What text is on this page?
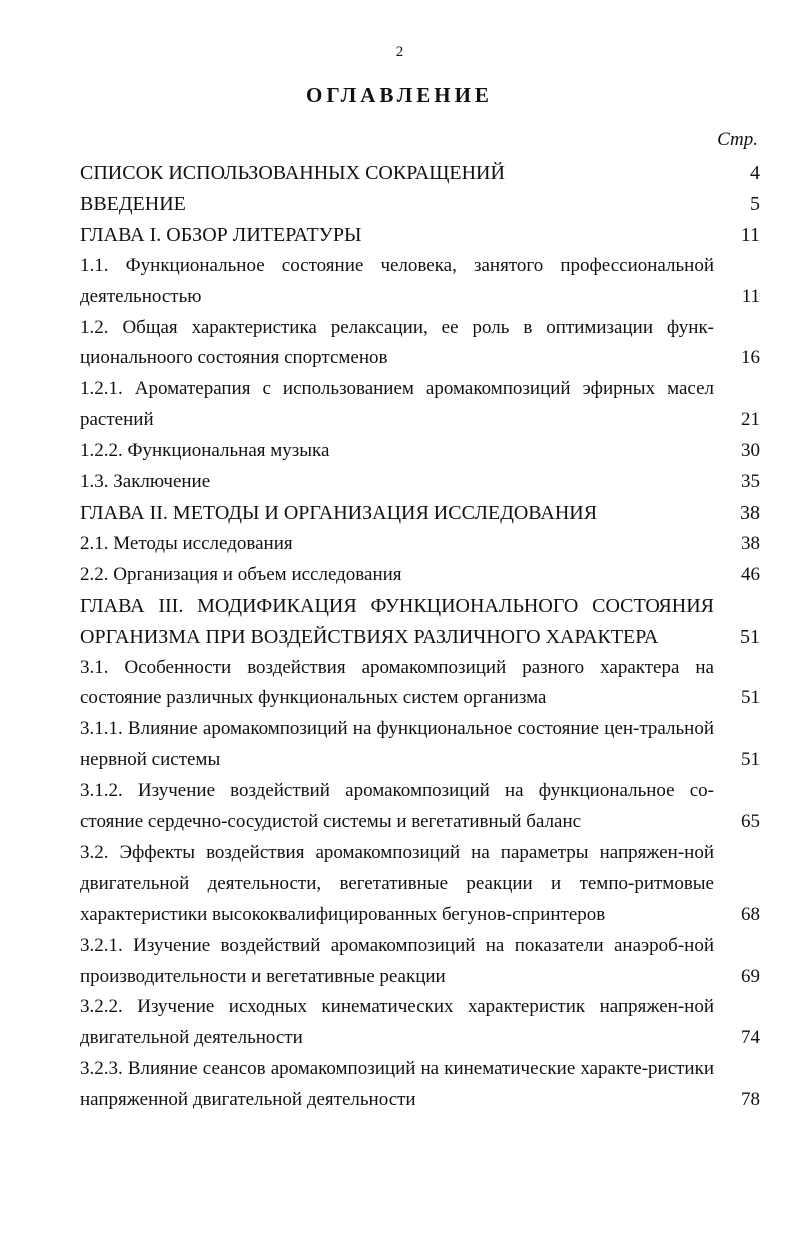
2
ОГЛАВЛЕНИЕ
Стр.
СПИСОК ИСПОЛЬЗОВАННЫХ СОКРАЩЕНИЙ	4
ВВЕДЕНИЕ	5
ГЛАВА I. ОБЗОР ЛИТЕРАТУРЫ	11
1.1. Функциональное состояние человека, занятого профессиональной деятельностью	11
1.2. Общая характеристика релаксации, ее роль в оптимизации функ-циональноого состояния спортсменов	16
1.2.1. Ароматерапия с использованием аромакомпозиций эфирных масел растений	21
1.2.2. Функциональная музыка	30
1.3. Заключение	35
ГЛАВА II. МЕТОДЫ И ОРГАНИЗАЦИЯ ИССЛЕДОВАНИЯ	38
2.1. Методы исследования	38
2.2. Организация и объем исследования	46
ГЛАВА III. МОДИФИКАЦИЯ ФУНКЦИОНАЛЬНОГО СОСТОЯНИЯ ОРГАНИЗМА ПРИ ВОЗДЕЙСТВИЯХ РАЗЛИЧНОГО ХАРАКТЕРА	51
3.1. Особенности воздействия аромакомпозиций разного характера на состояние различных функциональных систем организма	51
3.1.1. Влияние аромакомпозиций на функциональное состояние цен-тральной нервной системы	51
3.1.2. Изучение воздействий аромакомпозиций на функциональное со-стояние сердечно-сосудистой системы и вегетативный баланс	65
3.2. Эффекты воздействия аромакомпозиций на параметры напряжен-ной двигательной деятельности, вегетативные реакции и темпо-ритмовые характеристики высококвалифицированных бегунов-спринтеров	68
3.2.1. Изучение воздействий аромакомпозиций на показатели анаэроб-ной производительности и вегетативные реакции	69
3.2.2. Изучение исходных кинематических характеристик напряжен-ной двигательной деятельности	74
3.2.3. Влияние сеансов аромакомпозиций на кинематические характе-ристики напряженной двигательной деятельности	78
